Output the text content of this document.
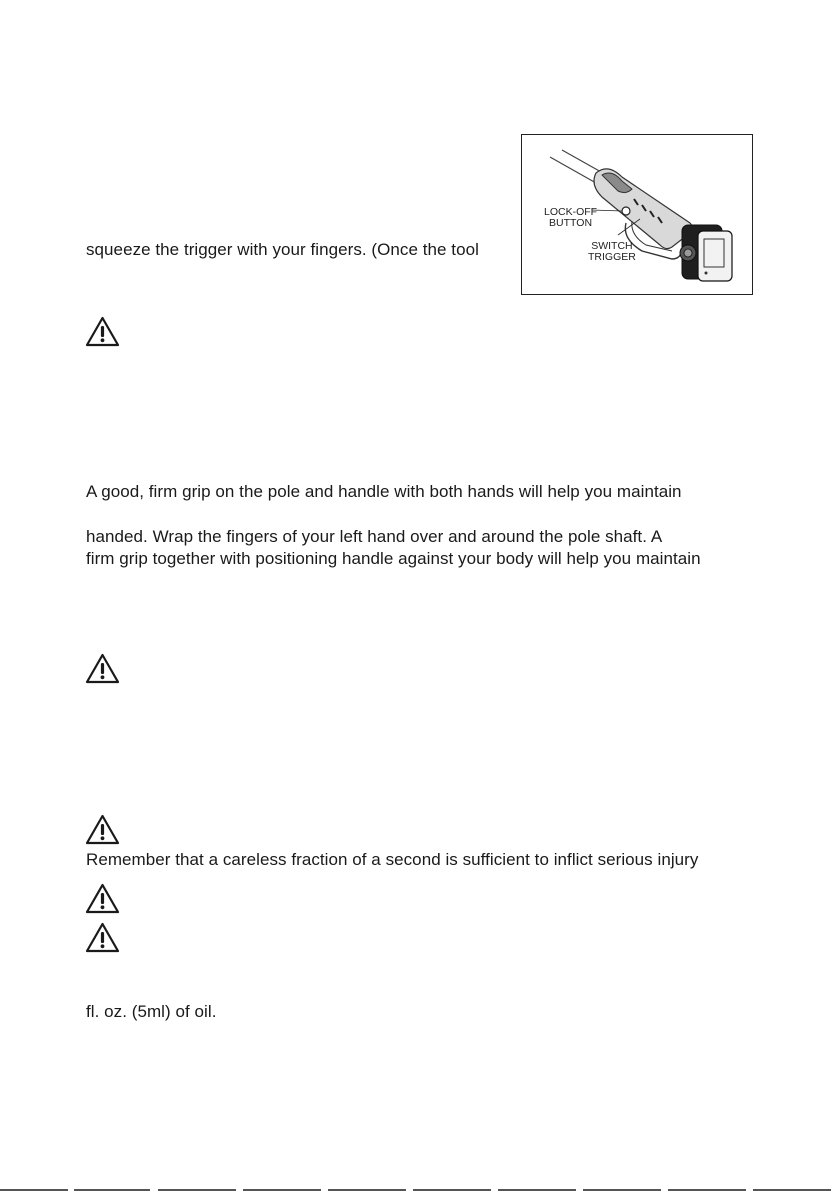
LOCK-OFF
BUTTON
SWITCH
TRIGGER
squeeze the trigger with your fingers. (Once the tool
A good, firm grip on the pole and handle with both hands will help you maintain
handed. Wrap the fingers of your left hand over and around the pole shaft. A
firm grip together with positioning handle against your body will help you maintain
Remember that a careless fraction of a second is sufficient to inflict serious injury
fl. oz. (5ml) of oil.
